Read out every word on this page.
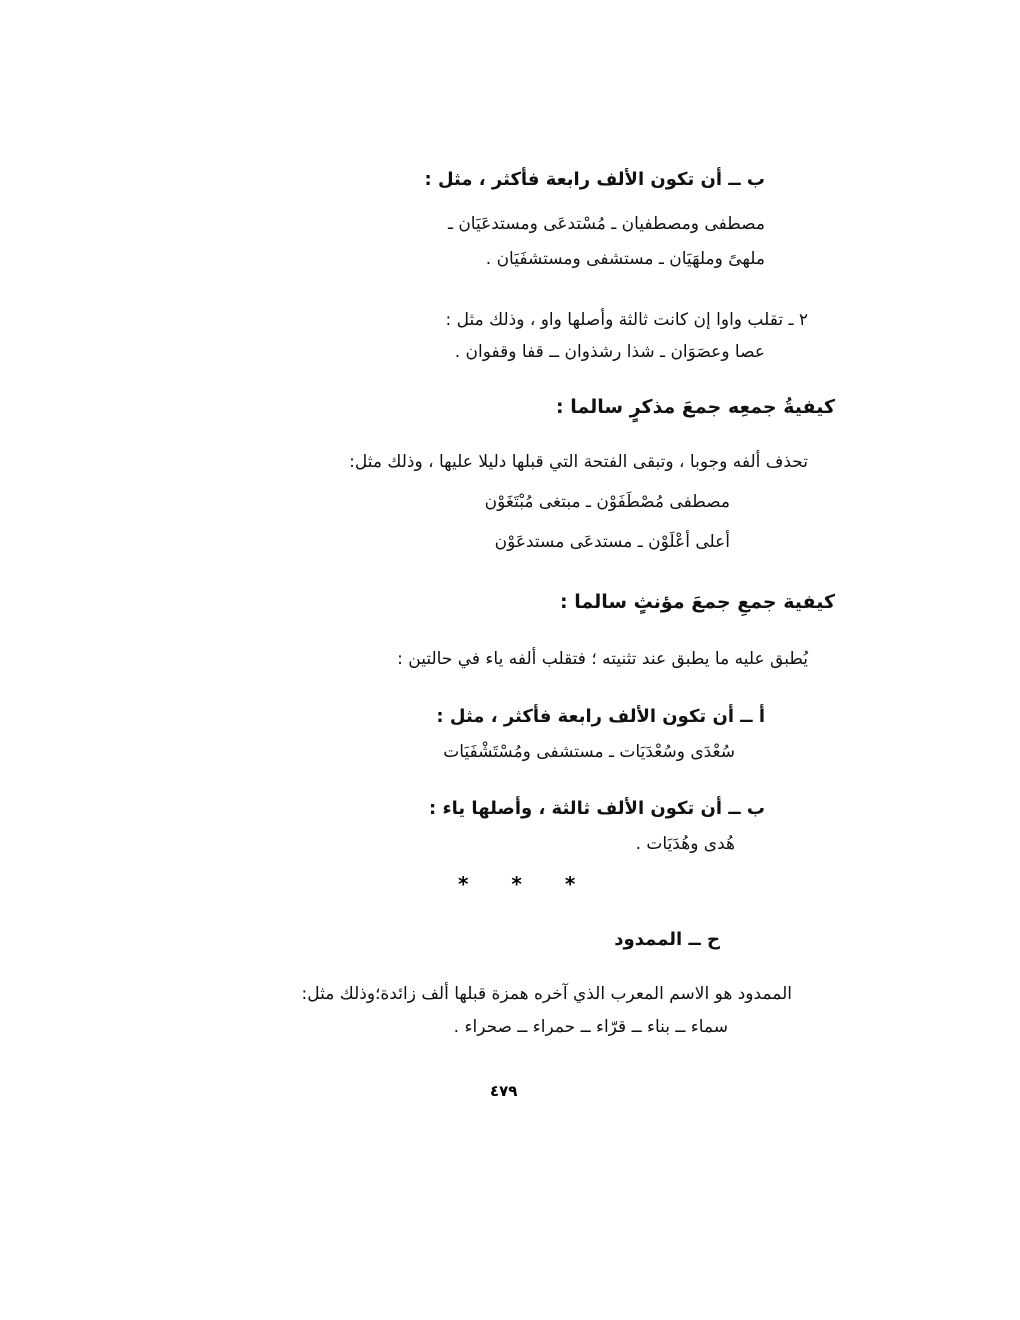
ب ــ أن تكون الألف رابعة فأكثر ، مثل :
مصطفى ومصطفيان ـ مُسْتدعَى ومستدعَيَان ـ
ملهىً وملهَيَان ـ مستشفى ومستشفَيَان .
٢ ـ تقلب واوا إن كانت ثالثة وأصلها واو ، وذلك مثل :
عصا وعصَوَان ـ شذا رشذوان ــ قفا وقفوان .
كيفيةُ جمعِه جمعَ مذكرٍ سالما :
تحذف ألفه وجوبا ، وتبقى الفتحة التي قبلها دليلا عليها ، وذلك مثل:
مصطفى مُصْطَفَوْن ـ مبتغى مُبْتَغَوْن
أعلى أعْلَوْن ـ مستدعَى مستدعَوْن
كيفية جمعِ جمعَ مؤنثٍ سالما :
يُطبق عليه ما يطبق عند تثنيته ؛ فتقلب ألفه ياء في حالتين :
أ ــ أن تكون الألف رابعة فأكثر ، مثل :
سُعْدَى وسُعْدَيَات ـ مستشفى ومُسْتَشْفَيَات
ب ــ أن تكون الألف ثالثة ، وأصلها ياء :
هُدى وهُدَيَات .
* * *
ح ــ الممدود
الممدود هو الاسم المعرب الذي آخره همزة قبلها ألف زائدة؛وذلك مثل:
سماء ــ بناء ــ قرّاء ــ حمراء ــ صحراء .
٤٧٩
